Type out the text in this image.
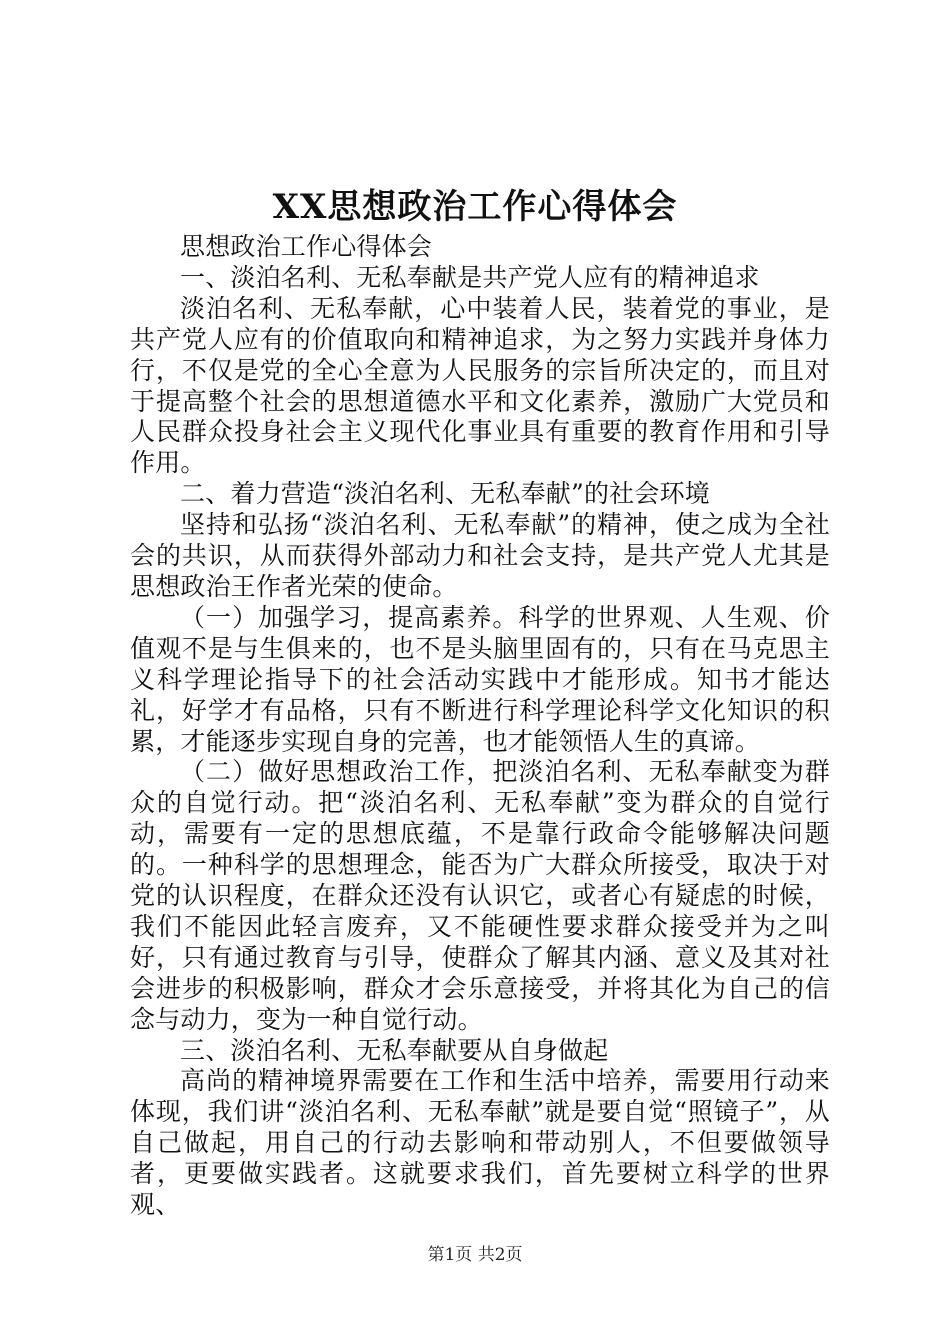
XX思想政治工作心得体会

思想政治工作心得体会

一、淡泊名利、无私奉献是共产党人应有的精神追求

淡泊名利、无私奉献，心中装着人民，装着党的事业，是共产党人应有的价值取向和精神追求，为之努力实践并身体力行，不仅是党的全心全意为人民服务的宗旨所决定的，而且对于提高整个社会的思想道德水平和文化素养，激励广大党员和人民群众投身社会主义现代化事业具有重要的教育作用和引导作用。

二、着力营造“淡泊名利、无私奉献”的社会环境

坚持和弘扬“淡泊名利、无私奉献”的精神，使之成为全社会的共识，从而获得外部动力和社会支持，是共产党人尤其是思想政治王作者光荣的使命。

（一）加强学习，提高素养。科学的世界观、人生观、价值观不是与生俱来的，也不是头脑里固有的，只有在马克思主义科学理论指导下的社会活动实践中才能形成。知书才能达礼，好学才有品格，只有不断进行科学理论科学文化知识的积累，才能逐步实现自身的完善，也才能领悟人生的真谛。

（二）做好思想政治工作，把淡泊名利、无私奉献变为群众的自觉行动。把“淡泊名利、无私奉献”变为群众的自觉行动，需要有一定的思想底蕴，不是靠行政命令能够解决问题的。一种科学的思想理念，能否为广大群众所接受，取决于对党的认识程度，在群众还没有认识它，或者心有疑虑的时候，我们不能因此轻言废弃，又不能硬性要求群众接受并为之叫好，只有通过教育与引导，使群众了解其内涵、意义及其对社会进步的积极影响，群众才会乐意接受，并将其化为自己的信念与动力，变为一种自觉行动。

三、淡泊名利、无私奉献要从自身做起

高尚的精神境界需要在工作和生活中培养，需要用行动来体现，我们讲“淡泊名利、无私奉献”就是要自觉“照镜子”，从自己做起，用自己的行动去影响和带动别人，不但要做领导者，更要做实践者。这就要求我们，首先要树立科学的世界观、

第1页 共2页
